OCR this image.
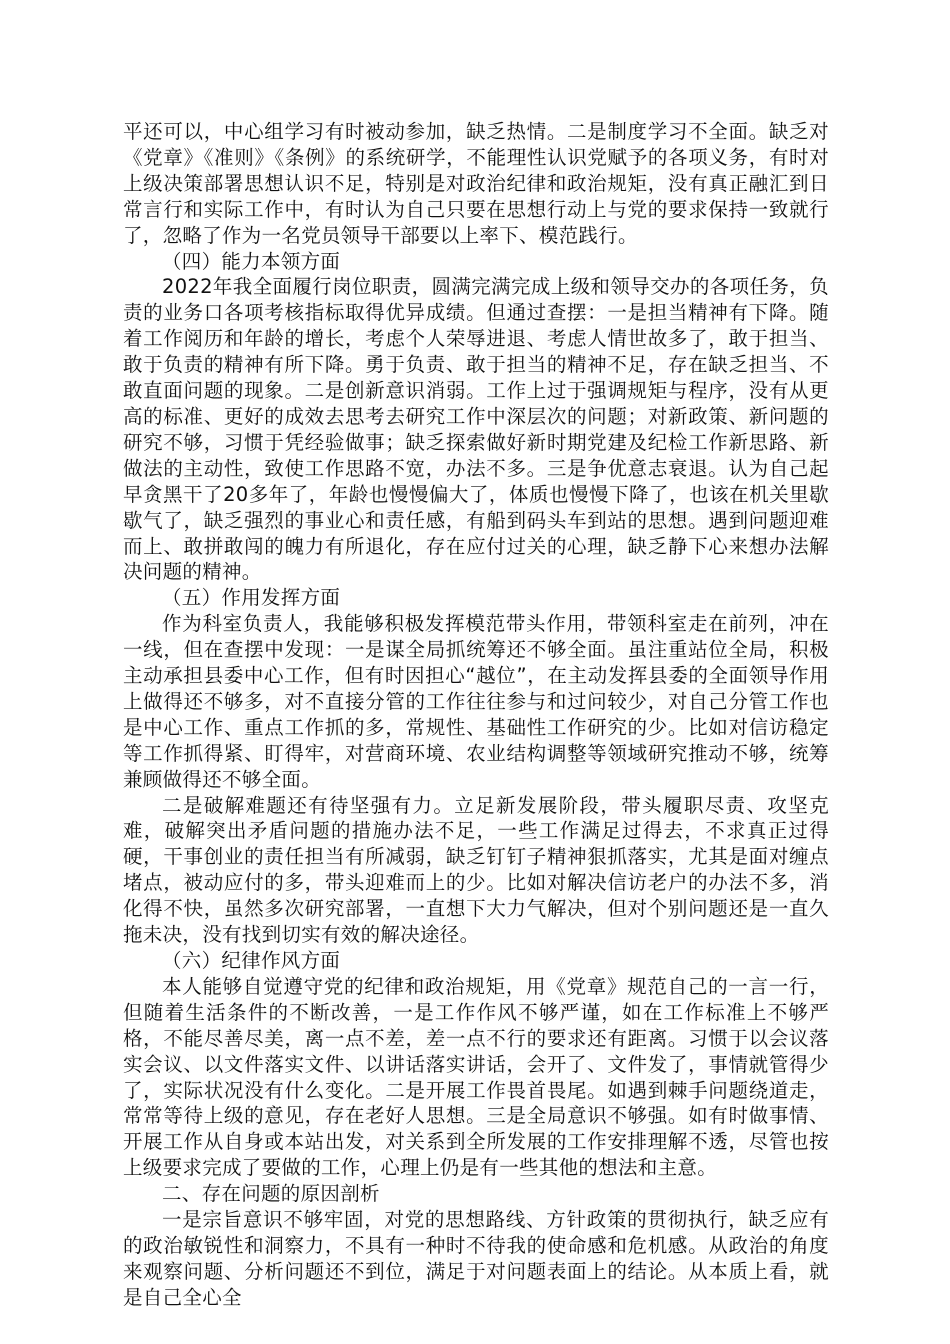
平还可以，中心组学习有时被动参加，缺乏热情。二是制度学习不全面。缺乏对《党章》《准则》《条例》的系统研学，不能理性认识党赋予的各项义务，有时对上级决策部署思想认识不足，特别是对政治纪律和政治规矩，没有真正融汇到日常言行和实际工作中，有时认为自己只要在思想行动上与党的要求保持一致就行了，忽略了作为一名党员领导干部要以上率下、模范践行。

（四）能力本领方面

2022年我全面履行岗位职责，圆满完满完成上级和领导交办的各项任务，负责的业务口各项考核指标取得优异成绩。但通过查摆：一是担当精神有下降。随着工作阅历和年龄的增长，考虑个人荣辱进退、考虑人情世故多了，敢于担当、敢于负责的精神有所下降。勇于负责、敢于担当的精神不足，存在缺乏担当、不敢直面问题的现象。二是创新意识消弱。工作上过于强调规矩与程序，没有从更高的标准、更好的成效去思考去研究工作中深层次的问题；对新政策、新问题的研究不够，习惯于凭经验做事；缺乏探索做好新时期党建及纪检工作新思路、新做法的主动性，致使工作思路不宽，办法不多。三是争优意志衰退。认为自己起早贪黑干了20多年了，年龄也慢慢偏大了，体质也慢慢下降了，也该在机关里歇歇气了，缺乏强烈的事业心和责任感，有船到码头车到站的思想。遇到问题迎难而上、敢拼敢闯的魄力有所退化，存在应付过关的心理，缺乏静下心来想办法解决问题的精神。

（五）作用发挥方面

作为科室负责人，我能够积极发挥模范带头作用，带领科室走在前列，冲在一线，但在查摆中发现：一是谋全局抓统筹还不够全面。虽注重站位全局，积极主动承担县委中心工作，但有时因担心“越位”，在主动发挥县委的全面领导作用上做得还不够多，对不直接分管的工作往往参与和过问较少，对自己分管工作也是中心工作、重点工作抓的多，常规性、基础性工作研究的少。比如对信访稳定等工作抓得紧、盯得牢，对营商环境、农业结构调整等领域研究推动不够，统筹兼顾做得还不够全面。

二是破解难题还有待坚强有力。立足新发展阶段，带头履职尽责、攻坚克难，破解突出矛盾问题的措施办法不足，一些工作满足过得去，不求真正过得硬，干事创业的责任担当有所减弱，缺乏钉钉子精神狠抓落实，尤其是面对缠点堵点，被动应付的多，带头迎难而上的少。比如对解决信访老户的办法不多，消化得不快，虽然多次研究部署，一直想下大力气解决，但对个别问题还是一直久拖未决，没有找到切实有效的解决途径。

（六）纪律作风方面

本人能够自觉遵守党的纪律和政治规矩，用《党章》规范自己的一言一行，但随着生活条件的不断改善，一是工作作风不够严谨，如在工作标准上不够严格，不能尽善尽美，离一点不差，差一点不行的要求还有距离。习惯于以会议落实会议、以文件落实文件、以讲话落实讲话，会开了、文件发了，事情就管得少了，实际状况没有什么变化。二是开展工作畏首畏尾。如遇到棘手问题绕道走，常常等待上级的意见，存在老好人思想。三是全局意识不够强。如有时做事情、开展工作从自身或本站出发，对关系到全所发展的工作安排理解不透，尽管也按上级要求完成了要做的工作，心理上仍是有一些其他的想法和主意。

二、存在问题的原因剖析

一是宗旨意识不够牢固，对党的思想路线、方针政策的贯彻执行，缺乏应有的政治敏锐性和洞察力，不具有一种时不待我的使命感和危机感。从政治的角度来观察问题、分析问题还不到位，满足于对问题表面上的结论。从本质上看，就是自己全心全
